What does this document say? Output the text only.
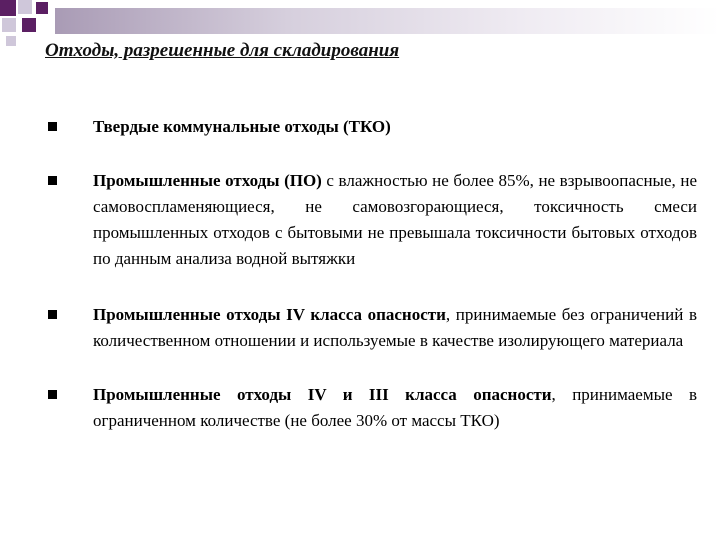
Отходы, разрешенные для складирования
Твердые коммунальные отходы (ТКО)
Промышленные отходы (ПО) с влажностью не более 85%, не взрывоопасные, не самовоспламеняющиеся, не самовозгорающиеся, токсичность смеси промышленных отходов с бытовыми не превышала токсичности бытовых отходов по данным анализа водной вытяжки
Промышленные отходы IV класса опасности, принимаемые без ограничений в количественном отношении и используемые в качестве изолирующего материала
Промышленные отходы IV и III класса опасности, принимаемые в ограниченном количестве (не более 30% от массы ТКО)
